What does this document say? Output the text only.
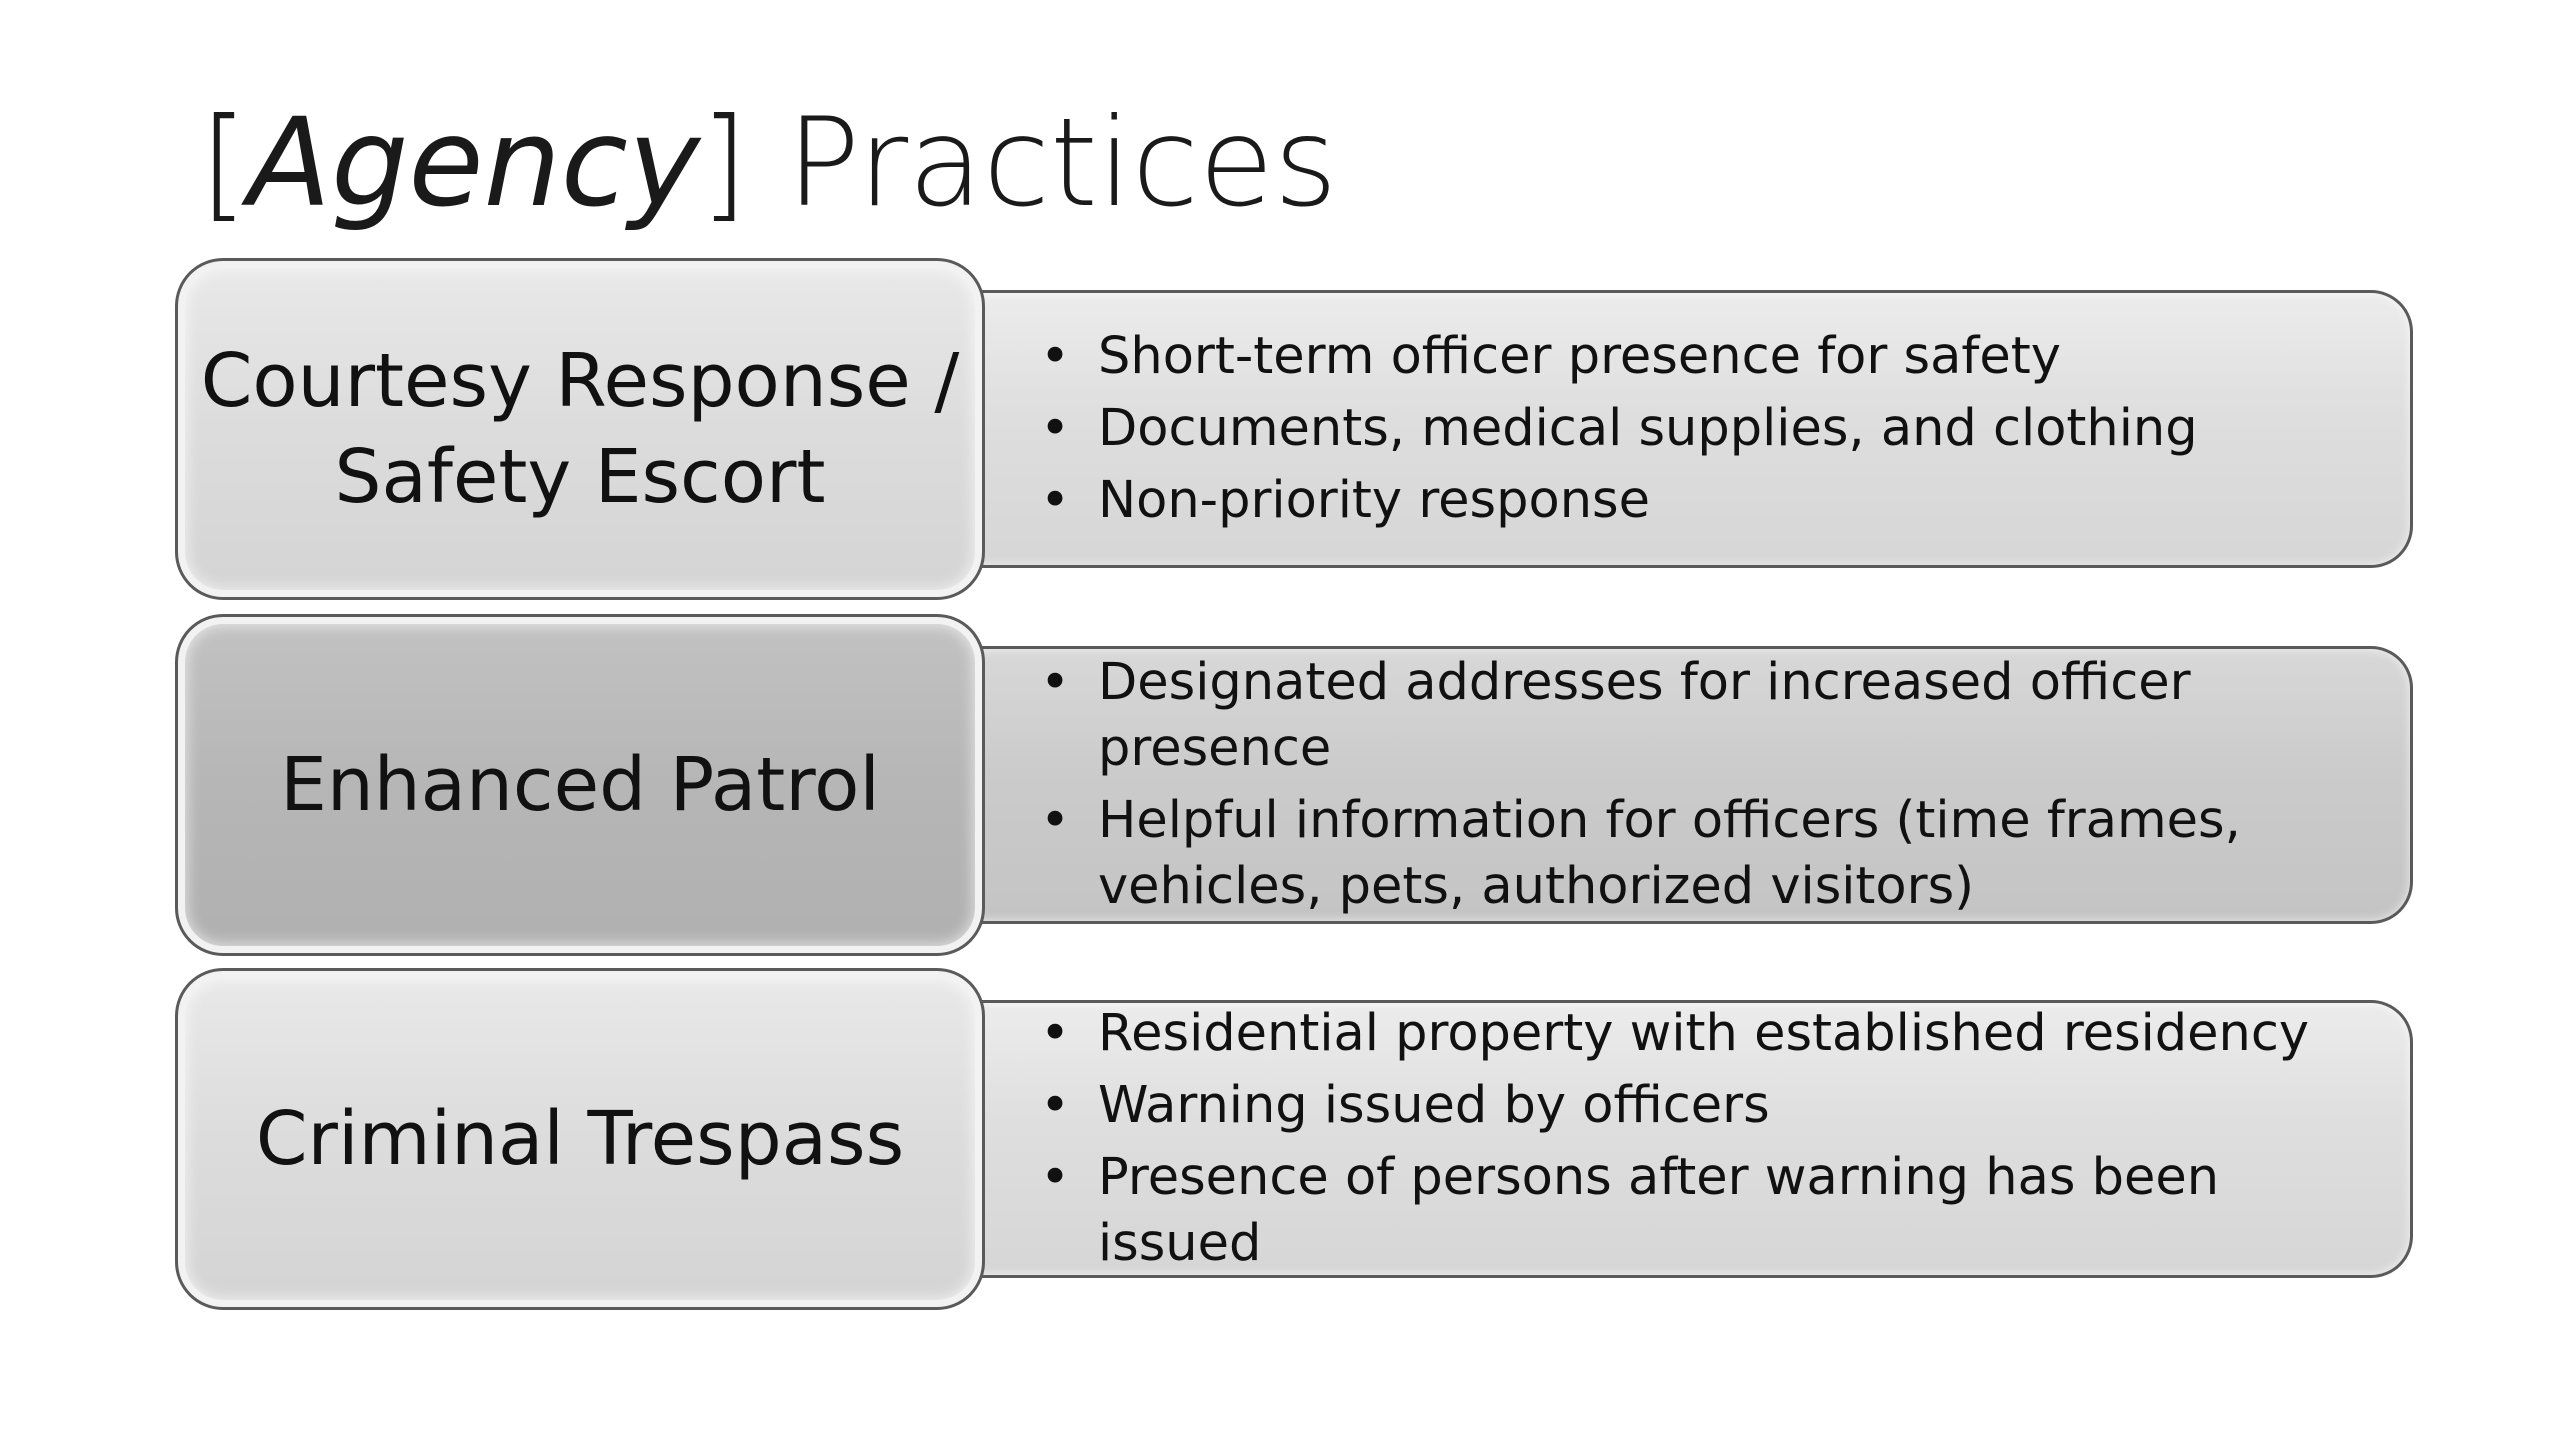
[Agency] Practices
• Short-term officer presence for safety
• Documents, medical supplies, and clothing
• Non-priority response
Courtesy Response /
Safety Escort
• Designated addresses for increased officer presence
• Helpful information for officers (time frames, vehicles, pets, authorized visitors)
Enhanced Patrol
• Residential property with established residency
• Warning issued by officers
• Presence of persons after warning has been issued
Criminal Trespass
